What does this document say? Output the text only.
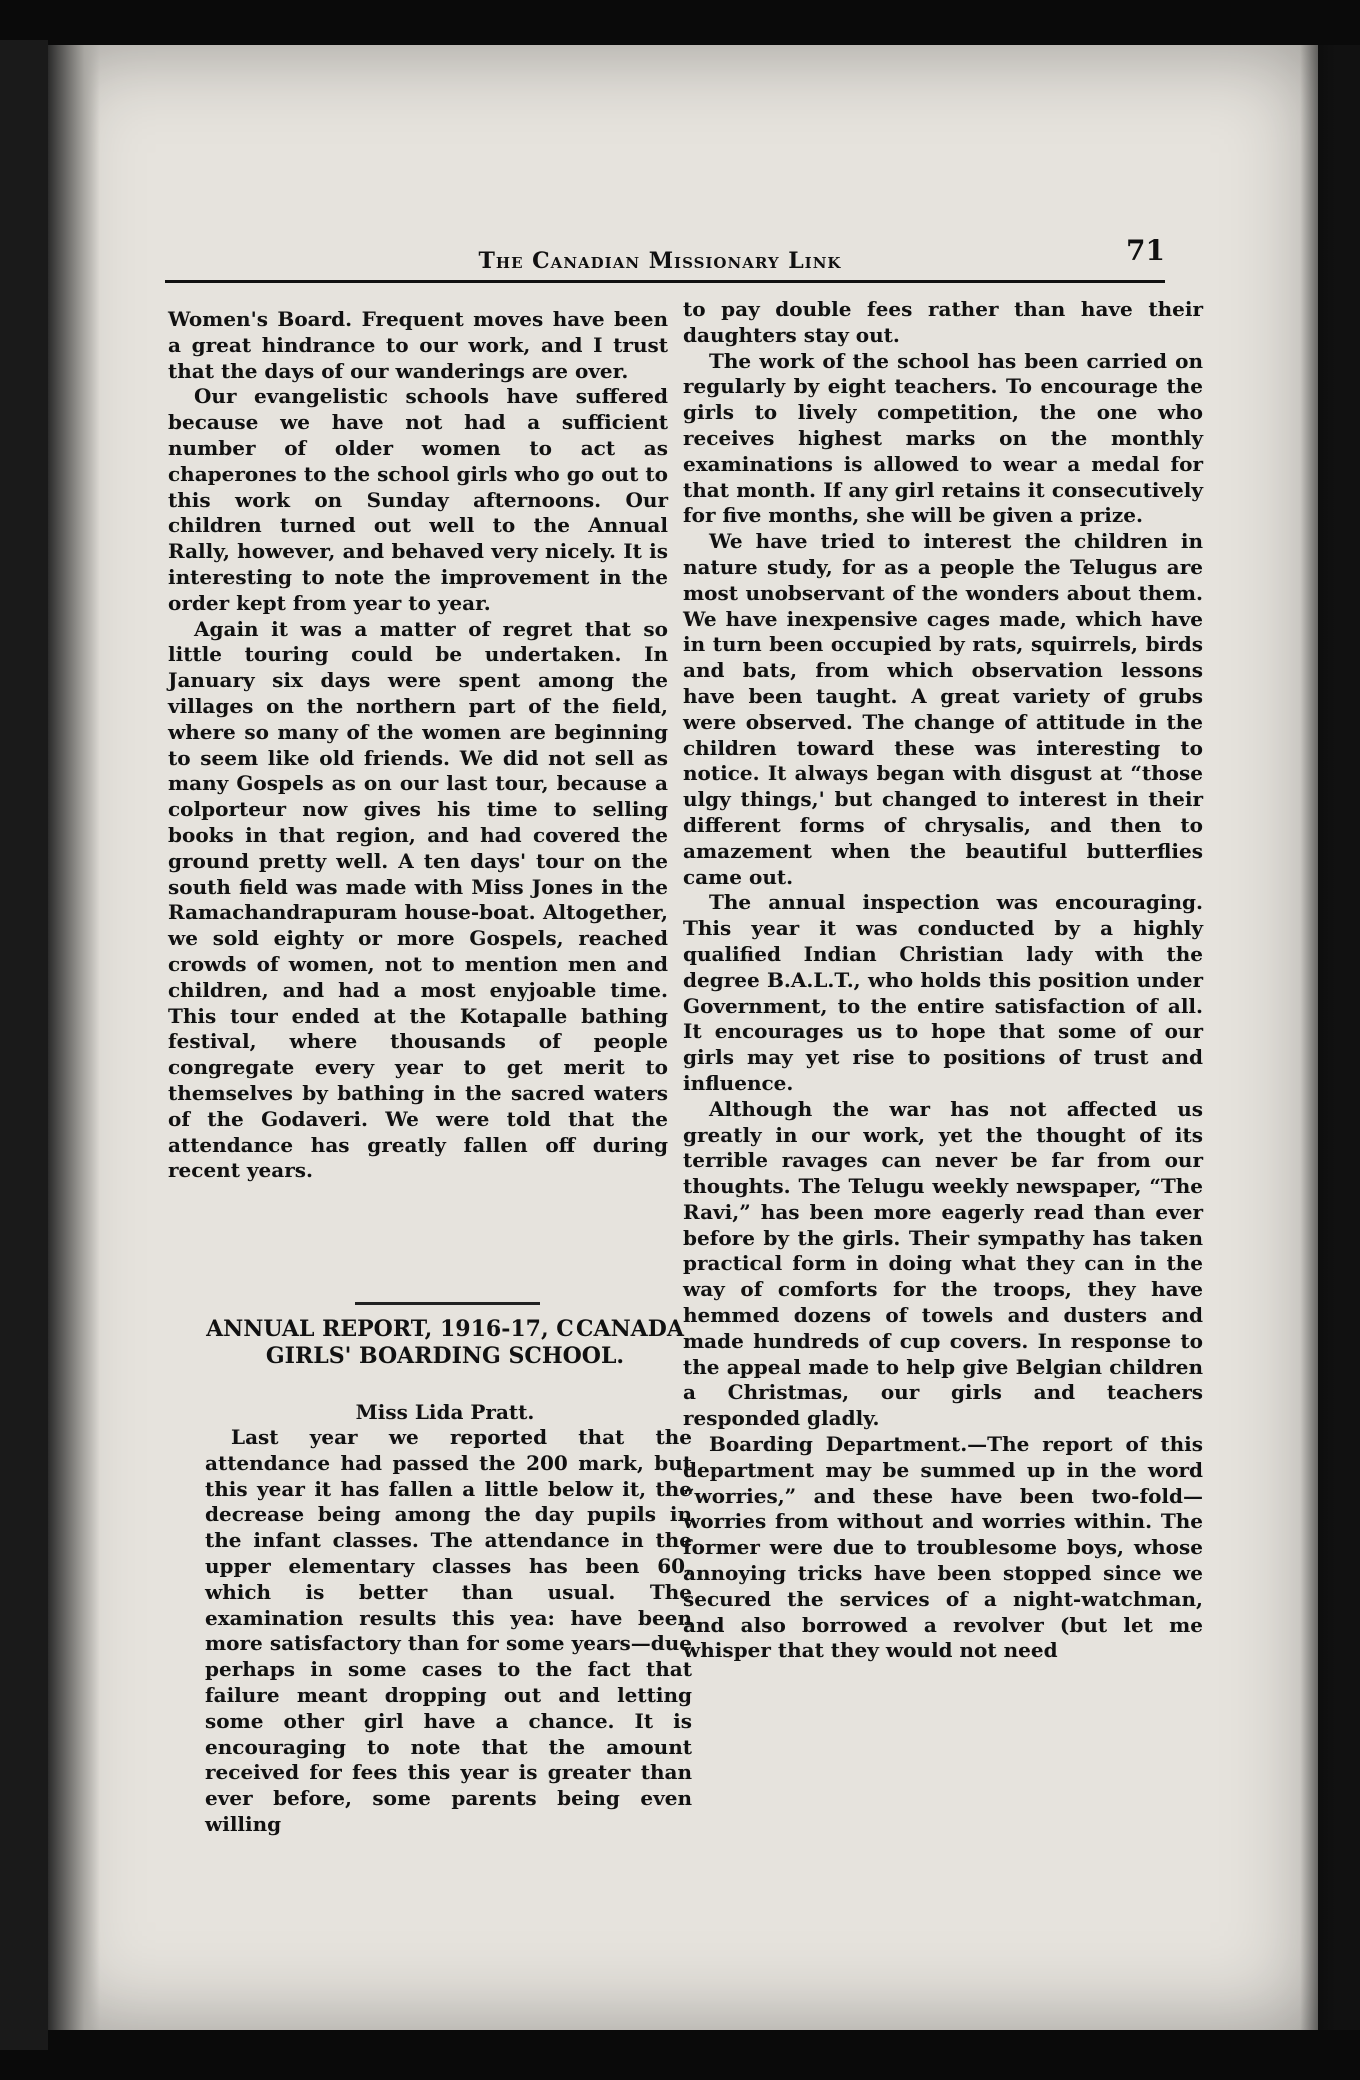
The Canadian Missionary Link	71

Women's Board. Frequent moves have been a great hindrance to our work, and I trust that the days of our wanderings are over.

Our evangelistic schools have suffered because we have not had a sufficient number of older women to act as chaperones to the school girls who go out to this work on Sunday afternoons. Our children turned out well to the Annual Rally, however, and behaved very nicely. It is interesting to note the improvement in the order kept from year to year.

Again it was a matter of regret that so little touring could be undertaken. In January six days were spent among the villages on the northern part of the field, where so many of the women are beginning to seem like old friends. We did not sell as many Gospels as on our last tour, because a colporteur now gives his time to selling books in that region, and had covered the ground pretty well. A ten days' tour on the south field was made with Miss Jones in the Ramachandrapuram house-boat. Altogether, we sold eighty or more Gospels, reached crowds of women, not to mention men and children, and had a most enyjoable time. This tour ended at the Kotapalle bathing festival, where thousands of people congregate every year to get merit to themselves by bathing in the sacred waters of the Godaveri. We were told that the attendance has greatly fallen off during recent years.

ANNUAL REPORT, 1916-17, C CANADA GIRLS' BOARDING SCHOOL.
Miss Lida Pratt.

Last year we reported that the attendance had passed the 200 mark, but this year it has fallen a little below it, the decrease being among the day pupils in the infant classes. The attendance in the upper elementary classes has been 60, which is better than usual. The examination results this yea: have been more satisfactory than for some years—due perhaps in some cases to the fact that failure meant dropping out and letting some other girl have a chance. It is encouraging to note that the amount received for fees this year is greater than ever before, some parents being even willing

to pay double fees rather than have their daughters stay out.

The work of the school has been carried on regularly by eight teachers. To encourage the girls to lively competition, the one who receives highest marks on the monthly examinations is allowed to wear a medal for that month. If any girl retains it consecutively for five months, she will be given a prize.

We have tried to interest the children in nature study, for as a people the Telugus are most unobservant of the wonders about them. We have inexpensive cages made, which have in turn been occupied by rats, squirrels, birds and bats, from which observation lessons have been taught. A great variety of grubs were observed. The change of attitude in the children toward these was interesting to notice. It always began with disgust at “those ulgy things,' but changed to interest in their different forms of chrysalis, and then to amazement when the beautiful butterflies came out.

The annual inspection was encouraging. This year it was conducted by a highly qualified Indian Christian lady with the degree B.A.L.T., who holds this position under Government, to the entire satisfaction of all. It encourages us to hope that some of our girls may yet rise to positions of trust and influence.

Although the war has not affected us greatly in our work, yet the thought of its terrible ravages can never be far from our thoughts. The Telugu weekly newspaper, “The Ravi,” has been more eagerly read than ever before by the girls. Their sympathy has taken practical form in doing what they can in the way of comforts for the troops, they have hemmed dozens of towels and dusters and made hundreds of cup covers. In response to the appeal made to help give Belgian children a Christmas, our girls and teachers responded gladly.

Boarding Department.—The report of this department may be summed up in the word “worries,” and these have been two-fold—worries from without and worries within. The former were due to troublesome boys, whose annoying tricks have been stopped since we secured the services of a night-watchman, and also borrowed a revolver (but let me whisper that they would not need
